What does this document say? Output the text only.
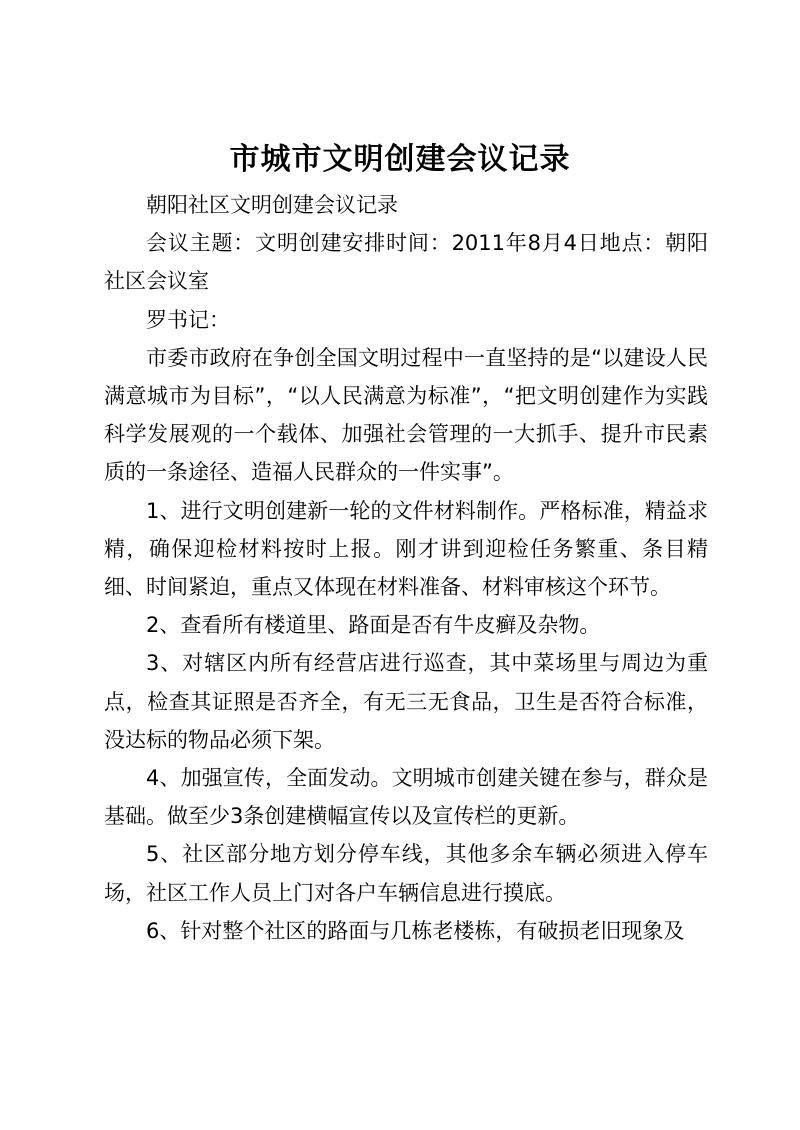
市城市文明创建会议记录

朝阳社区文明创建会议记录

会议主题：文明创建安排时间：2011年8月4日地点：朝阳社区会议室

罗书记：

市委市政府在争创全国文明过程中一直坚持的是“以建设人民满意城市为目标”，“以人民满意为标准”，“把文明创建作为实践科学发展观的一个载体、加强社会管理的一大抓手、提升市民素质的一条途径、造福人民群众的一件实事”。

1、进行文明创建新一轮的文件材料制作。严格标准，精益求精，确保迎检材料按时上报。刚才讲到迎检任务繁重、条目精细、时间紧迫，重点又体现在材料准备、材料审核这个环节。

2、查看所有楼道里、路面是否有牛皮癣及杂物。

3、对辖区内所有经营店进行巡查，其中菜场里与周边为重点，检查其证照是否齐全，有无三无食品，卫生是否符合标准，没达标的物品必须下架。

4、加强宣传，全面发动。文明城市创建关键在参与，群众是基础。做至少3条创建横幅宣传以及宣传栏的更新。

5、社区部分地方划分停车线，其他多余车辆必须进入停车场，社区工作人员上门对各户车辆信息进行摸底。

6、针对整个社区的路面与几栋老楼栋，有破损老旧现象及
